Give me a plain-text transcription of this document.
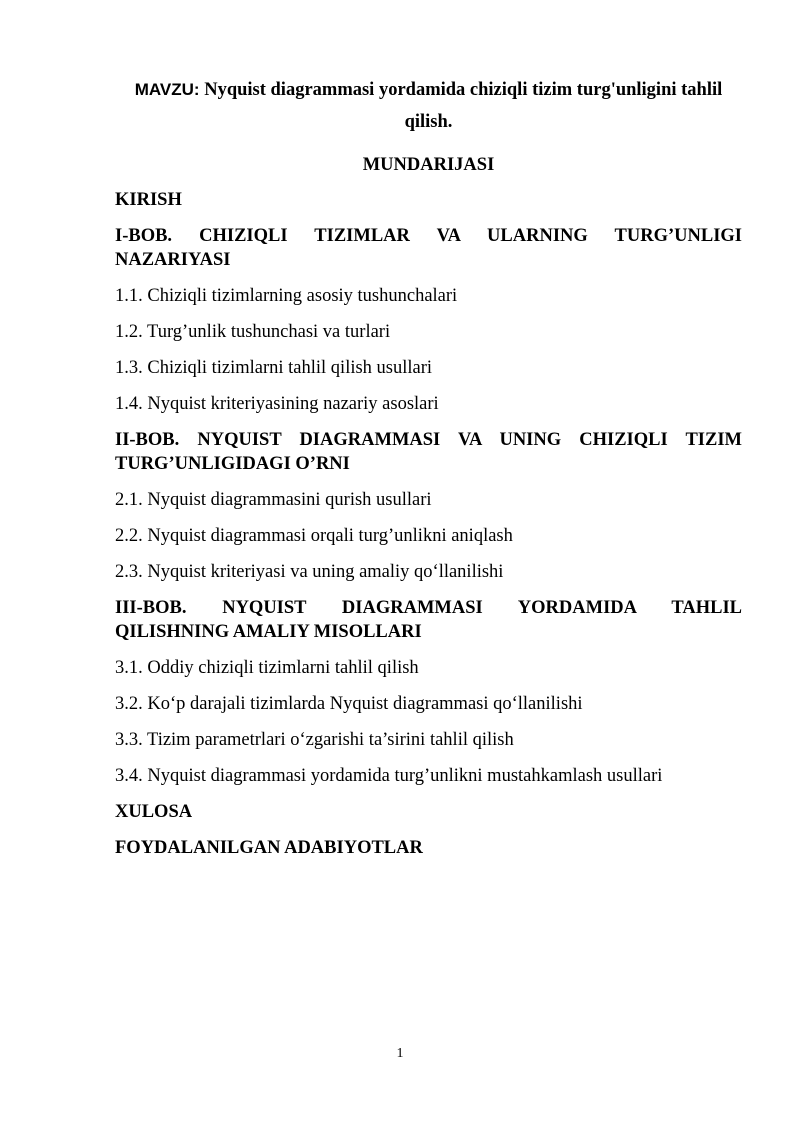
MAVZU: Nyquist diagrammasi yordamida chiziqli tizim turg'unligini tahlil qilish.
MUNDARIJASI

KIRISH

I-BOB. CHIZIQLI TIZIMLAR VA ULARNING TURG’UNLIGI
NAZARIYASI

1.1. Chiziqli tizimlarning asosiy tushunchalari

1.2. Turg’unlik tushunchasi va turlari

1.3. Chiziqli tizimlarni tahlil qilish usullari

1.4. Nyquist kriteriyasining nazariy asoslari

II-BOB. NYQUIST DIAGRAMMASI VA UNING CHIZIQLI TIZIM
TURG’UNLIGIDAGI O’RNI

2.1. Nyquist diagrammasini qurish usullari

2.2. Nyquist diagrammasi orqali turg’unlikni aniqlash

2.3. Nyquist kriteriyasi va uning amaliy qo‘llanilishi

III-BOB. NYQUIST DIAGRAMMASI YORDAMIDA TAHLIL
QILISHNING AMALIY MISOLLARI

3.1. Oddiy chiziqli tizimlarni tahlil qilish

3.2. Ko‘p darajali tizimlarda Nyquist diagrammasi qo‘llanilishi

3.3. Tizim parametrlari o‘zgarishi ta’sirini tahlil qilish

3.4. Nyquist diagrammasi yordamida turg’unlikni mustahkamlash usullari

XULOSA

FOYDALANILGAN ADABIYOTLAR

1
